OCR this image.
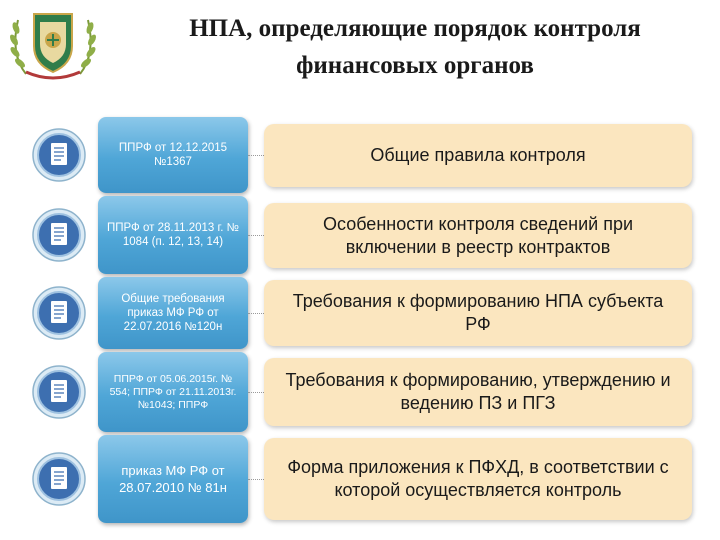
НПА, определяющие порядок контроля финансовых органов
ППРФ от 12.12.2015 №1367	Общие правила контроля
ППРФ от 28.11.2013 г. № 1084 (п. 12, 13, 14)
Особенности контроля сведений при включении в реестр контрактов
Общие требования приказ МФ РФ от 22.07.2016 №120н
Требования к формированию НПА субъекта РФ
ППРФ от 05.06.2015г. № 554; ППРФ от 21.11.2013г. №1043; ППРФ
Требования к формированию, утверждению и ведению ПЗ и ПГЗ
приказ МФ РФ от 28.07.2010 № 81н
Форма приложения к ПФХД, в соответствии с которой осуществляется контроль
